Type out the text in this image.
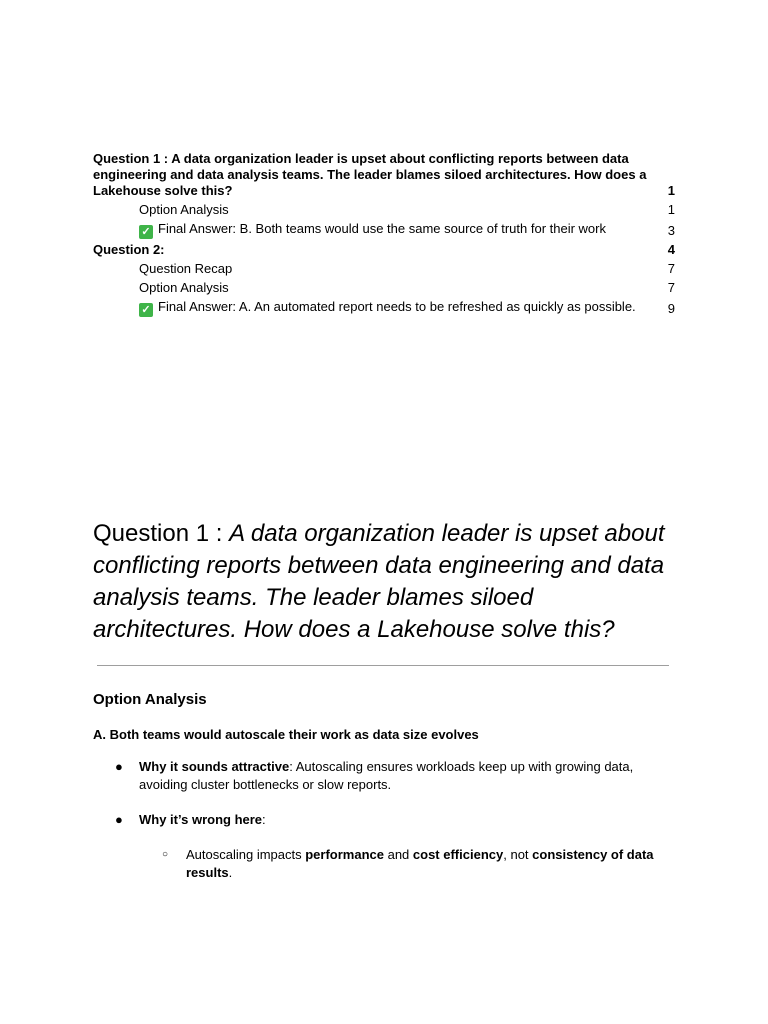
Question 1 : A data organization leader is upset about conflicting reports between data engineering and data analysis teams. The leader blames siloed architectures. How does a Lakehouse solve this?	1
Option Analysis	1
✓ Final Answer: B. Both teams would use the same source of truth for their work	3
Question 2:	4
Question Recap	7
Option Analysis	7
✓ Final Answer: A. An automated report needs to be refreshed as quickly as possible.	9
Question 1 : A data organization leader is upset about conflicting reports between data engineering and data analysis teams. The leader blames siloed architectures. How does a Lakehouse solve this?
Option Analysis
A. Both teams would autoscale their work as data size evolves
● Why it sounds attractive: Autoscaling ensures workloads keep up with growing data, avoiding cluster bottlenecks or slow reports.
● Why it’s wrong here:
○ Autoscaling impacts performance and cost efficiency, not consistency of data results.
